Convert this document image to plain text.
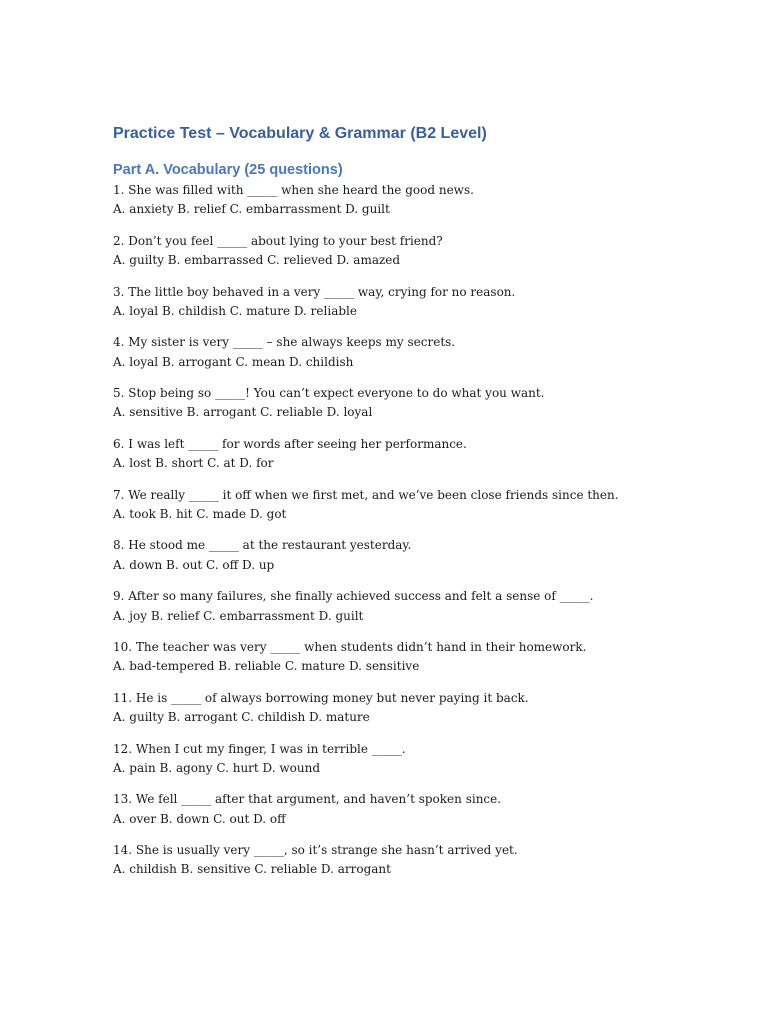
Practice Test – Vocabulary & Grammar (B2 Level)
Part A. Vocabulary (25 questions)
1. She was filled with _____ when she heard the good news.
A. anxiety B. relief C. embarrassment D. guilt
2. Don’t you feel _____ about lying to your best friend?
A. guilty B. embarrassed C. relieved D. amazed
3. The little boy behaved in a very _____ way, crying for no reason.
A. loyal B. childish C. mature D. reliable
4. My sister is very _____ – she always keeps my secrets.
A. loyal B. arrogant C. mean D. childish
5. Stop being so _____! You can’t expect everyone to do what you want.
A. sensitive B. arrogant C. reliable D. loyal
6. I was left _____ for words after seeing her performance.
A. lost B. short C. at D. for
7. We really _____ it off when we first met, and we’ve been close friends since then.
A. took B. hit C. made D. got
8. He stood me _____ at the restaurant yesterday.
A. down B. out C. off D. up
9. After so many failures, she finally achieved success and felt a sense of _____.
A. joy B. relief C. embarrassment D. guilt
10. The teacher was very _____ when students didn’t hand in their homework.
A. bad-tempered B. reliable C. mature D. sensitive
11. He is _____ of always borrowing money but never paying it back.
A. guilty B. arrogant C. childish D. mature
12. When I cut my finger, I was in terrible _____.
A. pain B. agony C. hurt D. wound
13. We fell _____ after that argument, and haven’t spoken since.
A. over B. down C. out D. off
14. She is usually very _____, so it’s strange she hasn’t arrived yet.
A. childish B. sensitive C. reliable D. arrogant
